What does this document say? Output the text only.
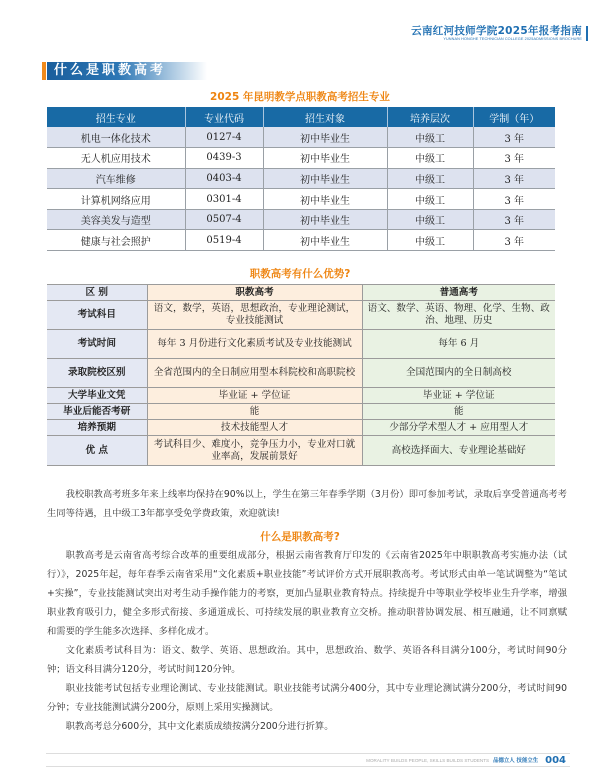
云南红河技师学院2025年报考指南
YUNNAN HONGHE TECHNICIAN COLLEGE 2025ADMISSIONS BROCHURE
什么是职教高考
2025 年昆明教学点职教高考招生专业
招生专业	专业代码	招生对象	培养层次	学制（年）
机电一体化技术	0127-4	初中毕业生	中级工	3 年
无人机应用技术	0439-3	初中毕业生	中级工	3 年
汽车维修	0403-4	初中毕业生	中级工	3 年
计算机网络应用	0301-4	初中毕业生	中级工	3 年
美容美发与造型	0507-4	初中毕业生	中级工	3 年
健康与社会照护	0519-4	初中毕业生	中级工	3 年
职教高考有什么优势?
区 别	职教高考	普通高考
考试科目	语文，数学，英语，思想政治，专业理论测试，专业技能测试	语文、数学、英语、物理、化学、生物、政治、地理、历史
考试时间	每年 3 月份进行文化素质考试及专业技能测试	每年 6 月
录取院校区别	全省范围内的全日制应用型本科院校和高职院校	全国范围内的全日制高校
大学毕业文凭	毕业证 + 学位证	毕业证 + 学位证
毕业后能否考研	能	能
培养预期	技术技能型人才	少部分学术型人才 + 应用型人才
优 点	考试科目少、难度小，竞争压力小，专业对口就业率高，发展前景好	高校选择面大、专业理论基础好

我校职教高考班多年来上线率均保持在90%以上，学生在第三年春季学期（3月份）即可参加考试，录取后享受普通高考考生同等待遇，且中级工3年都享受免学费政策，欢迎就读!

什么是职教高考?

职教高考是云南省高考综合改革的重要组成部分，根据云南省教育厅印发的《云南省2025年中职职教高考实施办法（试行）》，2025年起，每年春季云南省采用“文化素质+职业技能”考试评价方式开展职教高考。考试形式由单一笔试调整为“笔试+实操”，专业技能测试突出对考生动手操作能力的考察，更加凸显职业教育特点。持续提升中等职业学校毕业生升学率，增强职业教育吸引力，健全多形式衔接、多通道成长、可持续发展的职业教育立交桥。推动职普协调发展、相互融通，让不同禀赋和需要的学生能多次选择、多样化成才。

文化素质考试科目为：语文、数学、英语、思想政治。其中，思想政治、数学、英语各科目满分100分，考试时间90分钟；语文科目满分120分，考试时间120分钟。

职业技能考试包括专业理论测试、专业技能测试。职业技能考试满分400分，其中专业理论测试满分200分，考试时间90分钟；专业技能测试满分200分，原则上采用实操测试。

职教高考总分600分，其中文化素质成绩按满分200分进行折算。

MORALITY BUILDS PEOPLE, SKILLS BUILDS STUDENTS 品德立人 技能立生 004
